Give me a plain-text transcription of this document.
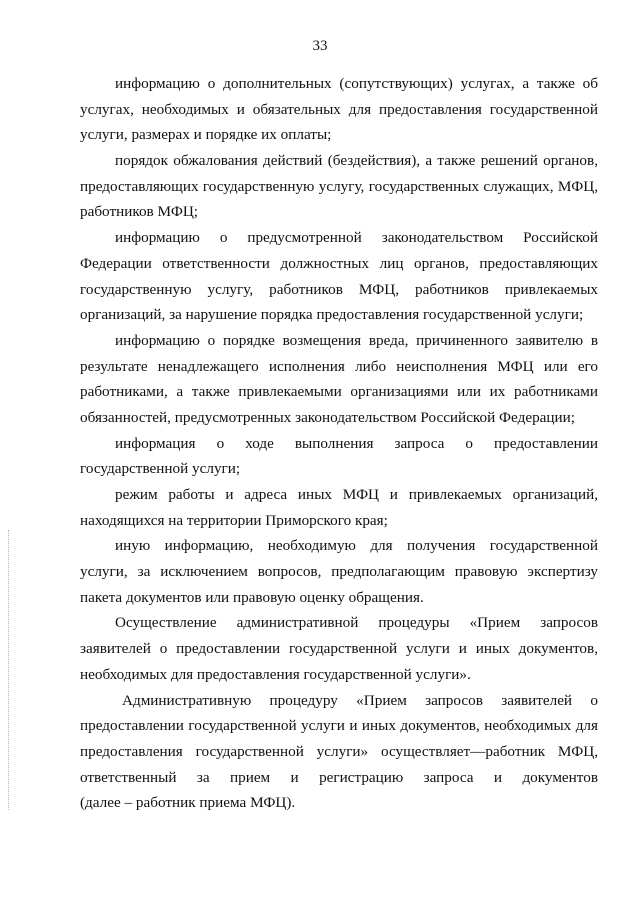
33
информацию о дополнительных (сопутствующих) услугах, а также об
услугах, необходимых и обязательных для предоставления государственной
услуги, размерах и порядке их оплаты;
порядок обжалования действий (бездействия), а также решений органов,
предоставляющих государственную услугу, государственных служащих, МФЦ,
работников МФЦ;
информацию о предусмотренной законодательством Российской
Федерации ответственности должностных лиц органов, предоставляющих
государственную услугу, работников МФЦ, работников привлекаемых
организаций, за нарушение порядка предоставления государственной услуги;
информацию о порядке возмещения вреда, причиненного заявителю в
результате ненадлежащего исполнения либо неисполнения МФЦ или его
работниками, а также привлекаемыми организациями или их работниками
обязанностей, предусмотренных законодательством Российской Федерации;
информация о ходе выполнения запроса о предоставлении
государственной услуги;
режим работы и адреса иных МФЦ и привлекаемых организаций,
находящихся на территории Приморского края;
иную информацию, необходимую для получения государственной
услуги, за исключением вопросов, предполагающим правовую экспертизу
пакета документов или правовую оценку обращения.
Осуществление административной процедуры «Прием запросов
заявителей о предоставлении государственной услуги и иных документов,
необходимых для предоставления государственной услуги».
Административную процедуру «Прием запросов заявителей о
предоставлении государственной услуги и иных документов, необходимых для
предоставления государственной услуги» осуществляет—работник МФЦ,
ответственный за прием и регистрацию запроса и документов
(далее – работник приема МФЦ).
